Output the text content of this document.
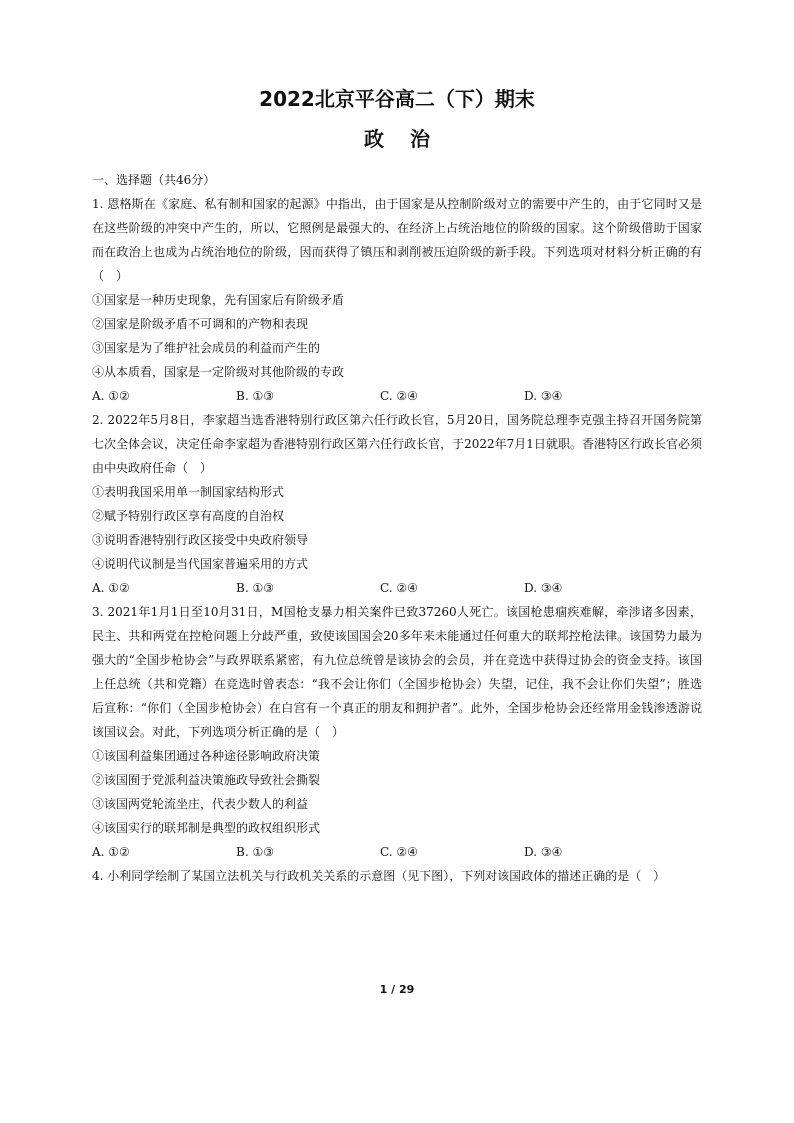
2022北京平谷高二（下）期末
政治

一、选择题（共46分）

1. 恩格斯在《家庭、私有制和国家的起源》中指出，由于国家是从控制阶级对立的需要中产生的，由于它同时又是在这些阶级的冲突中产生的，所以，它照例是最强大的、在经济上占统治地位的阶级的国家。这个阶级借助于国家而在政治上也成为占统治地位的阶级，因而获得了镇压和剥削被压迫阶级的新手段。下列选项对材料分析正确的有（　）

①国家是一种历史现象，先有国家后有阶级矛盾

②国家是阶级矛盾不可调和的产物和表现

③国家是为了维护社会成员的利益而产生的

④从本质看，国家是一定阶级对其他阶级的专政

A. ①②	B. ①③	C. ②④	D. ③④

2. 2022年5月8日，李家超当选香港特别行政区第六任行政长官，5月20日，国务院总理李克强主持召开国务院第七次全体会议，决定任命李家超为香港特别行政区第六任行政长官，于2022年7月1日就职。香港特区行政长官必须由中央政府任命（　）

①表明我国采用单一制国家结构形式

②赋予特别行政区享有高度的自治权

③说明香港特别行政区接受中央政府领导

④说明代议制是当代国家普遍采用的方式

A. ①②	B. ①③	C. ②④	D. ③④

3. 2021年1月1日至10月31日，M国枪支暴力相关案件已致37260人死亡。该国枪患痼疾难解，牵涉诸多因素，民主、共和两党在控枪问题上分歧严重，致使该国国会20多年来未能通过任何重大的联邦控枪法律。该国势力最为强大的“全国步枪协会”与政界联系紧密，有九位总统曾是该协会的会员，并在竞选中获得过协会的资金支持。该国上任总统（共和党籍）在竞选时曾表态：“我不会让你们（全国步枪协会）失望，记住，我不会让你们失望”；胜选后宣称：“你们（全国步枪协会）在白宫有一个真正的朋友和拥护者”。此外，全国步枪协会还经常用金钱渗透游说该国议会。对此，下列选项分析正确的是（　）

①该国利益集团通过各种途径影响政府决策

②该国囿于党派利益决策施政导致社会撕裂

③该国两党轮流坐庄，代表少数人的利益

④该国实行的联邦制是典型的政权组织形式

A. ①②	B. ①③	C. ②④	D. ③④

4. 小利同学绘制了某国立法机关与行政机关关系的示意图（见下图），下列对该国政体的描述正确的是（　）

1 / 29
